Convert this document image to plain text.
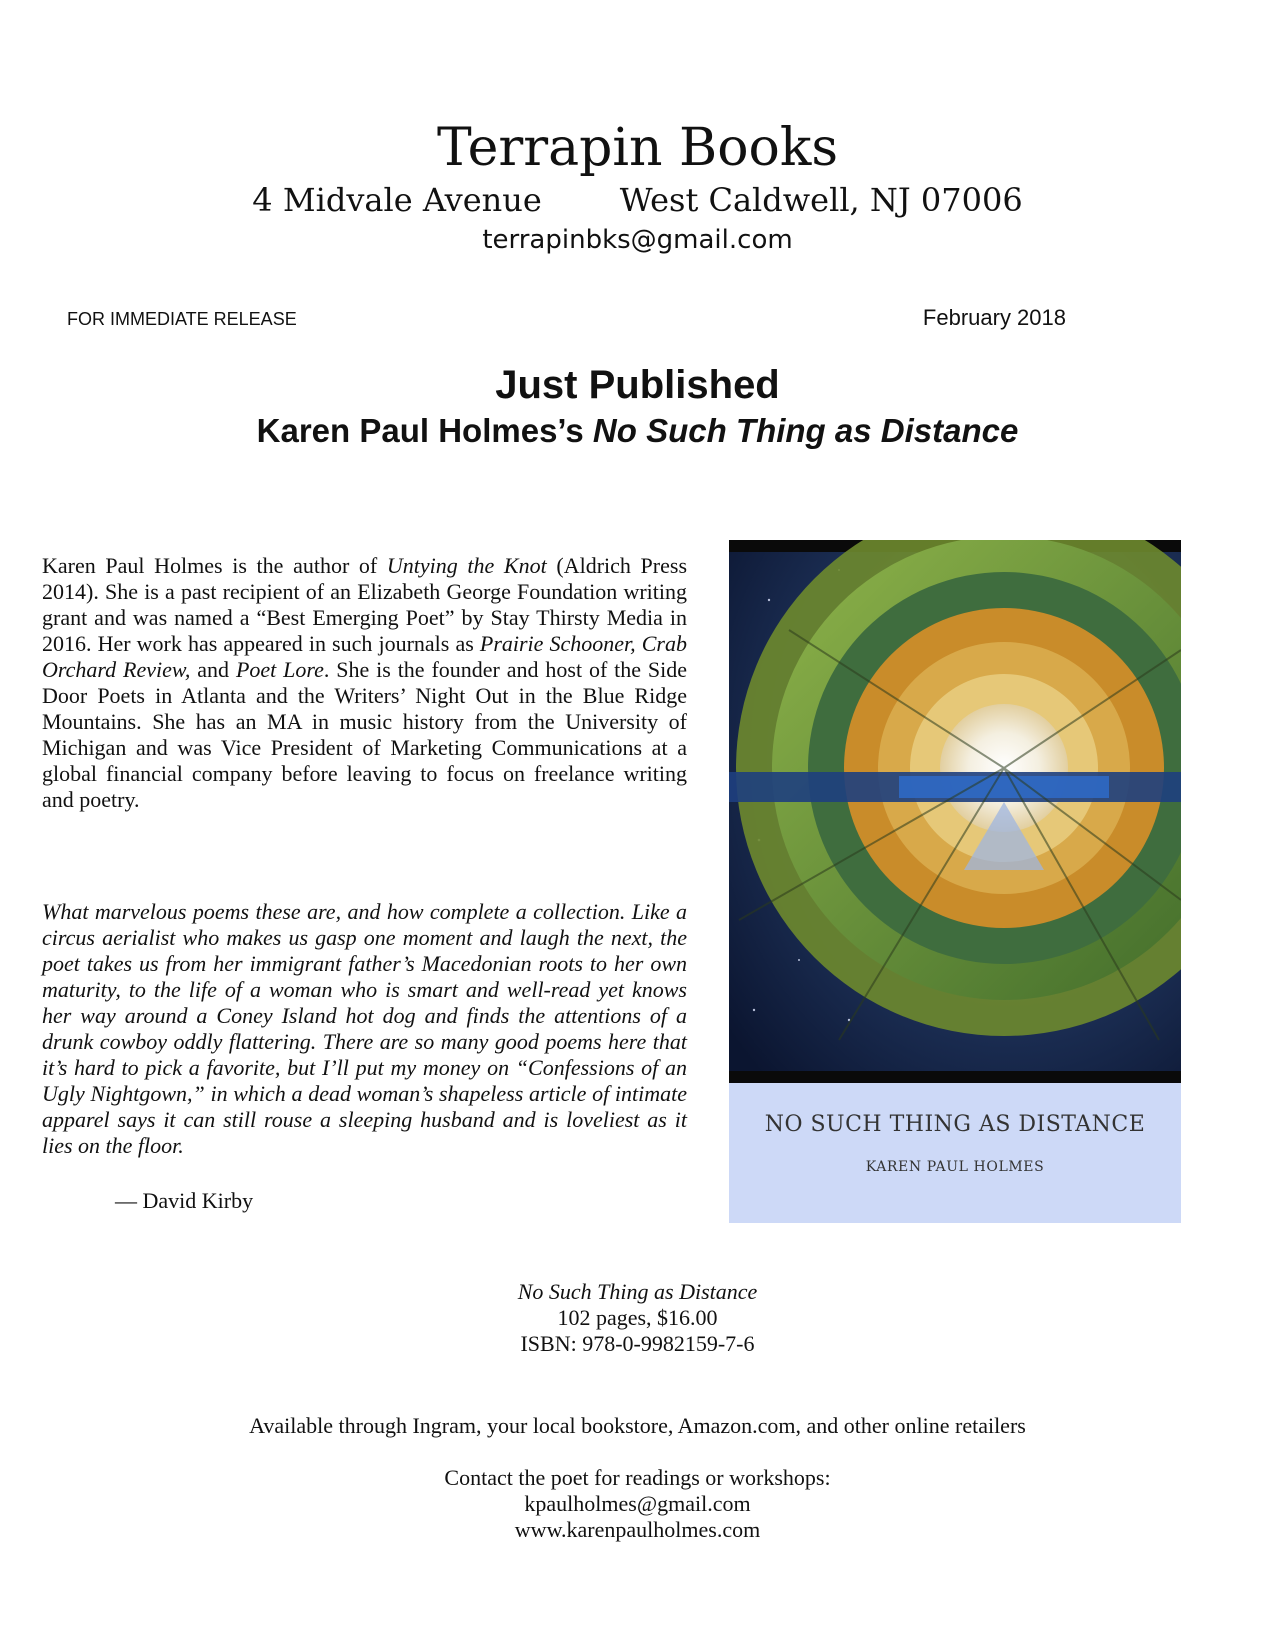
Terrapin Books
4 Midvale Avenue West Caldwell, NJ 07006
terrapinbks@gmail.com
FOR IMMEDIATE RELEASE	February 2018
Just Published
Karen Paul Holmes’s No Such Thing as Distance
Karen Paul Holmes is the author of Untying the Knot (Aldrich Press 2014). She is a past recipient of an Elizabeth George Foundation writing grant and was named a “Best Emerging Poet” by Stay Thirsty Media in 2016. Her work has appeared in such journals as Prairie Schooner, Crab Orchard Review, and Poet Lore. She is the founder and host of the Side Door Poets in Atlanta and the Writers’ Night Out in the Blue Ridge Mountains. She has an MA in music history from the University of Michigan and was Vice President of Marketing Communications at a global financial company before leaving to focus on freelance writing and poetry.
What marvelous poems these are, and how complete a collection. Like a circus aerialist who makes us gasp one moment and laugh the next, the poet takes us from her immigrant father’s Macedonian roots to her own maturity, to the life of a woman who is smart and well-read yet knows her way around a Coney Island hot dog and finds the attentions of a drunk cowboy oddly flattering. There are so many good poems here that it’s hard to pick a favorite, but I’ll put my money on “Confessions of an Ugly Nightgown,” in which a dead woman’s shapeless article of intimate apparel says it can still rouse a sleeping husband and is loveliest as it lies on the floor.
— David Kirby
NO SUCH THING AS DISTANCE
KAREN PAUL HOLMES
No Such Thing as Distance
102 pages, $16.00
ISBN: 978-0-9982159-7-6
Available through Ingram, your local bookstore, Amazon.com, and other online retailers
Contact the poet for readings or workshops:
kpaulholmes@gmail.com
www.karenpaulholmes.com
